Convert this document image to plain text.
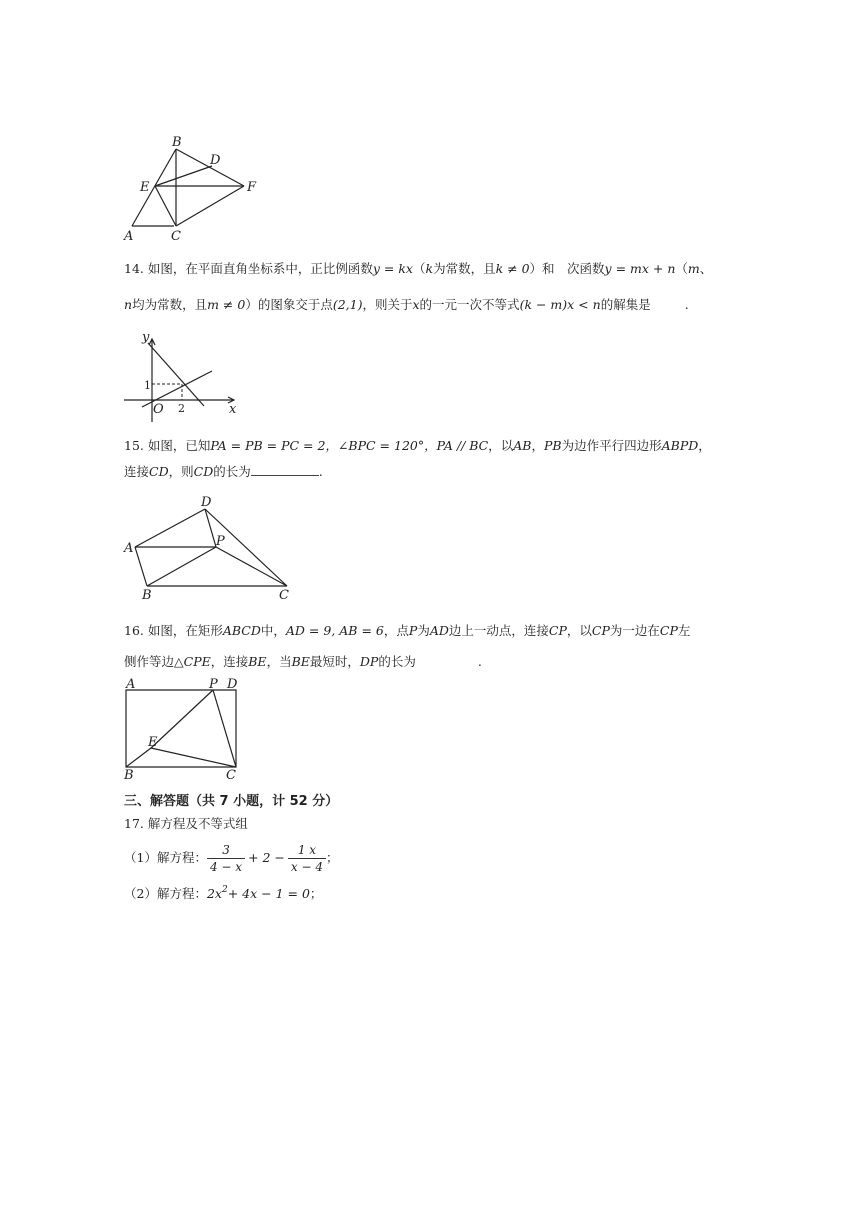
B
D
E	F
A	C
14. 如图，在平面直角坐标系中，正比例函数y = kx（k为常数，且k ≠ 0）和　次函数y = mx + n（m、
n均为常数，且m ≠ 0）的图象交于点(2,1)，则关于x的一元一次不等式(k − m)x < n的解集是	.
y
x
O
1
2
15. 如图，已知PA = PB = PC = 2，∠BPC = 120°，PA // BC，以AB，PB为边作平行四边形ABPD，
连接CD，则CD的长为	.
D
A	P
B	C
16. 如图，在矩形ABCD中，AD = 9, AB = 6，点P为AD边上一动点，连接CP，以CP为一边在CP左
侧作等边△CPE，连接BE，当BE最短时，DP的长为	.
A	P D
E
B	C
三、解答题（共 7 小题，计 52 分）
17. 解方程及不等式组
（1）解方程： $\frac{3}{4 - x} + 2 - \frac{1 x}{x - 4}$ ；
（2）解方程：$2x^2+ 4x - 1 = 0$；
